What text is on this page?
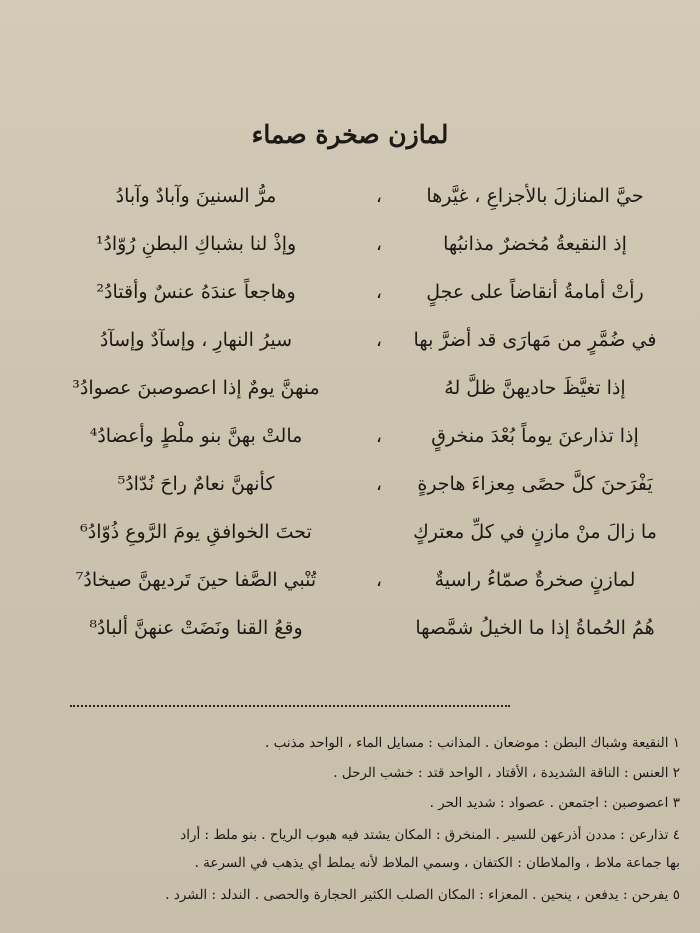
لمازن صخرة صماء
حيَّ المنازلَ بالأجزاعِ ، غيَّرها
،
مرُّ السنينَ وآبادٌ وآبادُ
إذ النقيعةُ مُخضرٌ مذانبُها
،
وإذْ لنا بشباكِ البطنِ رُوّادُ¹
رأتْ أمامةُ أنقاضاً على عجلٍ
،
وهاجعاً عندَهُ عنسٌ وأقتادُ²
في ضُمَّرٍ من مَهارَى قد أضرَّ بها
،
سيرُ النهارِ ، وإسآدٌ وإسآدُ
إذا تغيَّظَ حاديهنَّ ظلَّ لهُ
منهنَّ يومٌ إذا اعصوصبنَ عصوادُ³
إذا تذارعنَ يوماً بُعْدَ منخرقٍ
،
مالتْ بهنَّ بنو ملْطٍ وأعضادُ⁴
يَفْرَحنَ كلَّ حصًى مِعزاءَ هاجرةٍ
،
كأنهنَّ نعامٌ راحَ نُدّادُ⁵
ما زالَ منْ مازنٍ في كلِّ معتركٍ
تحتَ الخوافقِ يومَ الرَّوعِ ذُوّادُ⁶
لمازنٍ صخرةٌ صمّاءُ راسيةٌ
،
تُنْبي الصَّفا حينَ تَرديهنَّ صيخادُ⁷
هُمُ الحُماةُ إذا ما الخيلُ شمَّصها
وقعُ القنا ونَضَتْ عنهنَّ ألبادُ⁸
١ النقيعة وشباك البطن : موضعان . المذانب : مسايل الماء ، الواحد مذنب .
٢ العنس : الناقة الشديدة ، الأقتاد ، الواحد قتد : خشب الرحل .
٣ اعصوصبن : اجتمعن . عصواد : شديد الحر .
٤ تذارعن : مددن أذرعهن للسير . المنخرق : المكان يشتد فيه هبوب الرياح . بنو ملط : أراد
بها جماعة ملاط ، والملاطان : الكتفان ، وسمي الملاط لأنه يملط أي يذهب في السرعة .
٥ يفرحن : يدفعن ، ينحين . المعزاء : المكان الصلب الكثير الحجارة والحصى . الندلد : الشرد .
